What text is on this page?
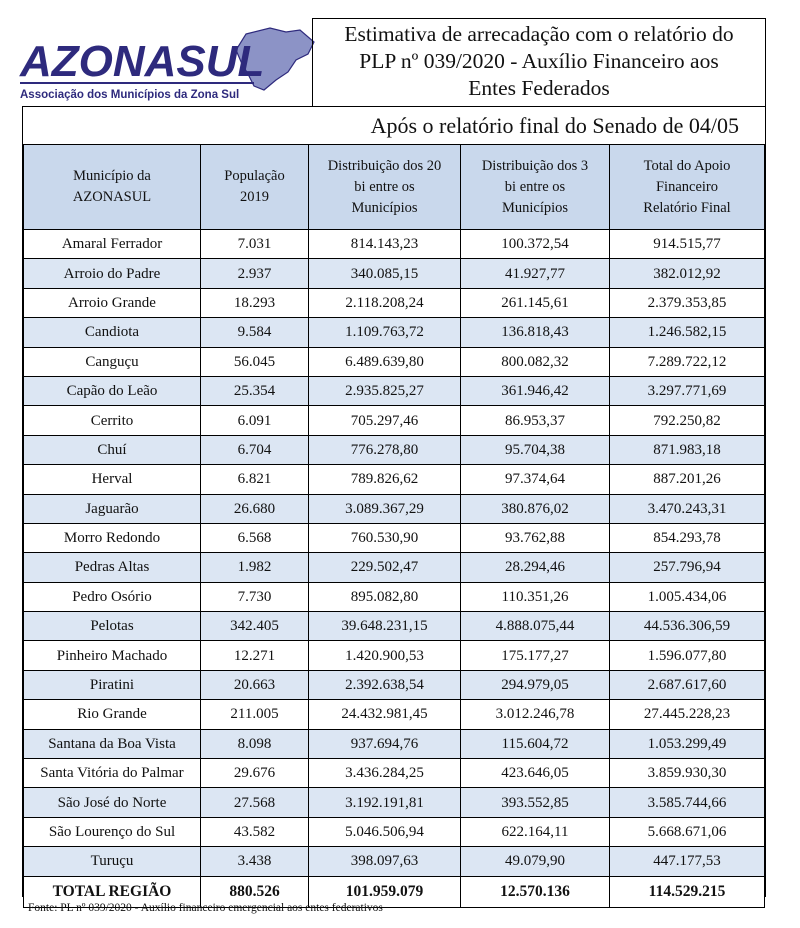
AZONASUL
Associação dos Municípios da Zona Sul
Estimativa de arrecadação com o relatório do
PLP nº 039/2020 - Auxílio Financeiro aos
Entes Federados
Após o relatório final do Senado de 04/05
Município da AZONASUL	População 2019	Distribuição dos 20 bi entre os Municípios	Distribuição dos 3 bi entre os Municípios	Total do Apoio Financeiro Relatório Final
Amaral Ferrador	7.031	814.143,23	100.372,54	914.515,77
Arroio do Padre	2.937	340.085,15	41.927,77	382.012,92
Arroio Grande	18.293	2.118.208,24	261.145,61	2.379.353,85
Candiota	9.584	1.109.763,72	136.818,43	1.246.582,15
Canguçu	56.045	6.489.639,80	800.082,32	7.289.722,12
Capão do Leão	25.354	2.935.825,27	361.946,42	3.297.771,69
Cerrito	6.091	705.297,46	86.953,37	792.250,82
Chuí	6.704	776.278,80	95.704,38	871.983,18
Herval	6.821	789.826,62	97.374,64	887.201,26
Jaguarão	26.680	3.089.367,29	380.876,02	3.470.243,31
Morro Redondo	6.568	760.530,90	93.762,88	854.293,78
Pedras Altas	1.982	229.502,47	28.294,46	257.796,94
Pedro Osório	7.730	895.082,80	110.351,26	1.005.434,06
Pelotas	342.405	39.648.231,15	4.888.075,44	44.536.306,59
Pinheiro Machado	12.271	1.420.900,53	175.177,27	1.596.077,80
Piratini	20.663	2.392.638,54	294.979,05	2.687.617,60
Rio Grande	211.005	24.432.981,45	3.012.246,78	27.445.228,23
Santana da Boa Vista	8.098	937.694,76	115.604,72	1.053.299,49
Santa Vitória do Palmar	29.676	3.436.284,25	423.646,05	3.859.930,30
São José do Norte	27.568	3.192.191,81	393.552,85	3.585.744,66
São Lourenço do Sul	43.582	5.046.506,94	622.164,11	5.668.671,06
Turuçu	3.438	398.097,63	49.079,90	447.177,53
TOTAL REGIÃO	880.526	101.959.079	12.570.136	114.529.215
Fonte: PL nº 039/2020 - Auxílio financeiro emergencial aos entes federativos
